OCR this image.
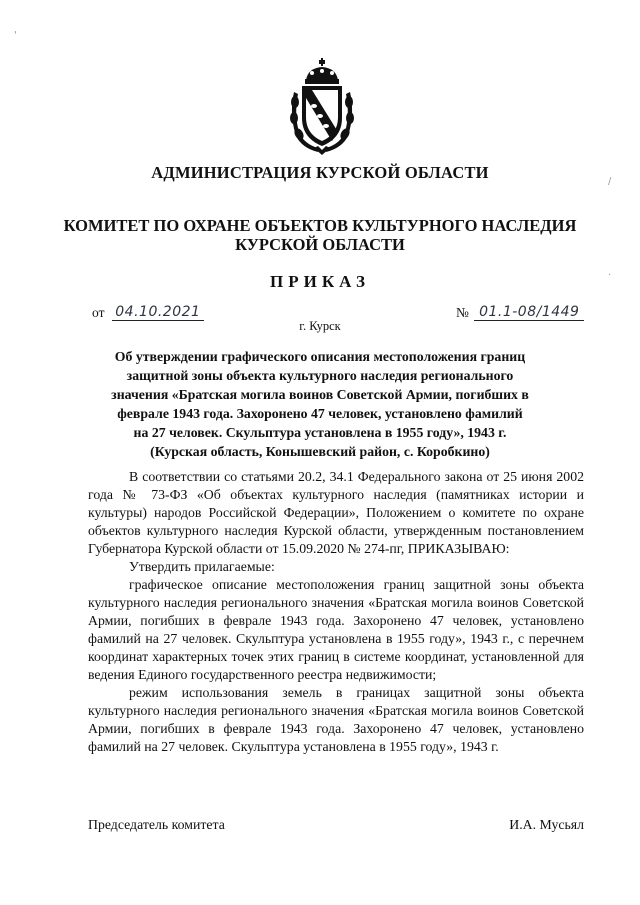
'
/
·
АДМИНИСТРАЦИЯ КУРСКОЙ ОБЛАСТИ
КОМИТЕТ ПО ОХРАНЕ ОБЪЕКТОВ КУЛЬТУРНОГО НАСЛЕДИЯ
КУРСКОЙ ОБЛАСТИ
ПРИКАЗ
от 04.10.2021	№ 01.1-08/1449
г. Курск
Об утверждении графического описания местоположения границ
защитной зоны объекта культурного наследия регионального
значения «Братская могила воинов Советской Армии, погибших в
феврале 1943 года. Захоронено 47 человек, установлено фамилий
на 27 человек. Скульптура установлена в 1955 году», 1943 г.
(Курская область, Конышевский район, с. Коробкино)

В соответствии со статьями 20.2, 34.1 Федерального закона от 25 июня 2002 года № 73-ФЗ «Об объектах культурного наследия (памятниках истории и культуры) народов Российской Федерации», Положением о комитете по охране объектов культурного наследия Курской области, утвержденным постановлением Губернатора Курской области от 15.09.2020 № 274-пг, ПРИКАЗЫВАЮ:

Утвердить прилагаемые:

графическое описание местоположения границ защитной зоны объекта культурного наследия регионального значения «Братская могила воинов Советской Армии, погибших в феврале 1943 года. Захоронено 47 человек, установлено фамилий на 27 человек. Скульптура установлена в 1955 году», 1943 г., с перечнем координат характерных точек этих границ в системе координат, установленной для ведения Единого государственного реестра недвижимости;

режим использования земель в границах защитной зоны объекта культурного наследия регионального значения «Братская могила воинов Советской Армии, погибших в феврале 1943 года. Захоронено 47 человек, установлено фамилий на 27 человек. Скульптура установлена в 1955 году», 1943 г.

Председатель комитета	И.А. Мусьял
